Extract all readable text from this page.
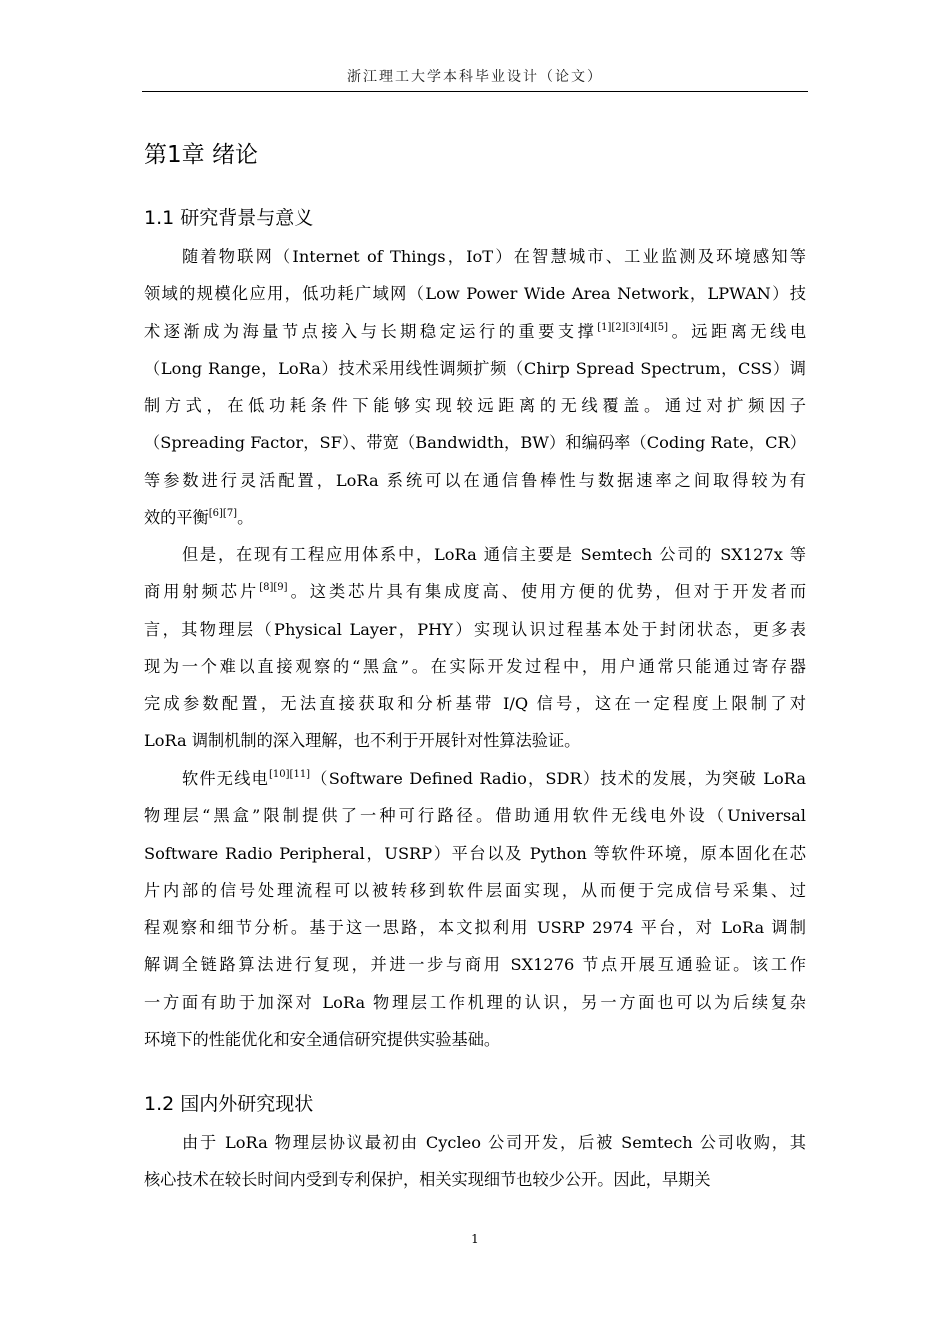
浙江理工大学本科毕业设计（论文）
第1章 绪论
1.1 研究背景与意义
随着物联网（Internet of Things，IoT）在智慧城市、工业监测及环境感知等
领域的规模化应用，低功耗广域网（Low Power Wide Area Network，LPWAN）技
术逐渐成为海量节点接入与长期稳定运行的重要支撑[1][2][3][4][5]。远距离无线电
（Long Range，LoRa）技术采用线性调频扩频（Chirp Spread Spectrum，CSS）调
制方式，在低功耗条件下能够实现较远距离的无线覆盖。通过对扩频因子
（Spreading Factor，SF）、带宽（Bandwidth，BW）和编码率（Coding Rate，CR）
等参数进行灵活配置，LoRa 系统可以在通信鲁棒性与数据速率之间取得较为有
效的平衡[6][7]。
但是，在现有工程应用体系中，LoRa 通信主要是 Semtech 公司的 SX127x 等
商用射频芯片[8][9]。这类芯片具有集成度高、使用方便的优势，但对于开发者而
言，其物理层（Physical Layer，PHY）实现认识过程基本处于封闭状态，更多表
现为一个难以直接观察的“黑盒”。在实际开发过程中，用户通常只能通过寄存器
完成参数配置，无法直接获取和分析基带 I/Q 信号，这在一定程度上限制了对
LoRa 调制机制的深入理解，也不利于开展针对性算法验证。
软件无线电[10][11]（Software Defined Radio，SDR）技术的发展，为突破 LoRa
物理层“黑盒”限制提供了一种可行路径。借助通用软件无线电外设（Universal
Software Radio Peripheral，USRP）平台以及 Python 等软件环境，原本固化在芯
片内部的信号处理流程可以被转移到软件层面实现，从而便于完成信号采集、过
程观察和细节分析。基于这一思路，本文拟利用 USRP 2974 平台，对 LoRa 调制
解调全链路算法进行复现，并进一步与商用 SX1276 节点开展互通验证。该工作
一方面有助于加深对 LoRa 物理层工作机理的认识，另一方面也可以为后续复杂
环境下的性能优化和安全通信研究提供实验基础。
1.2 国内外研究现状
由于 LoRa 物理层协议最初由 Cycleo 公司开发，后被 Semtech 公司收购，其
核心技术在较长时间内受到专利保护，相关实现细节也较少公开。因此，早期关
1
